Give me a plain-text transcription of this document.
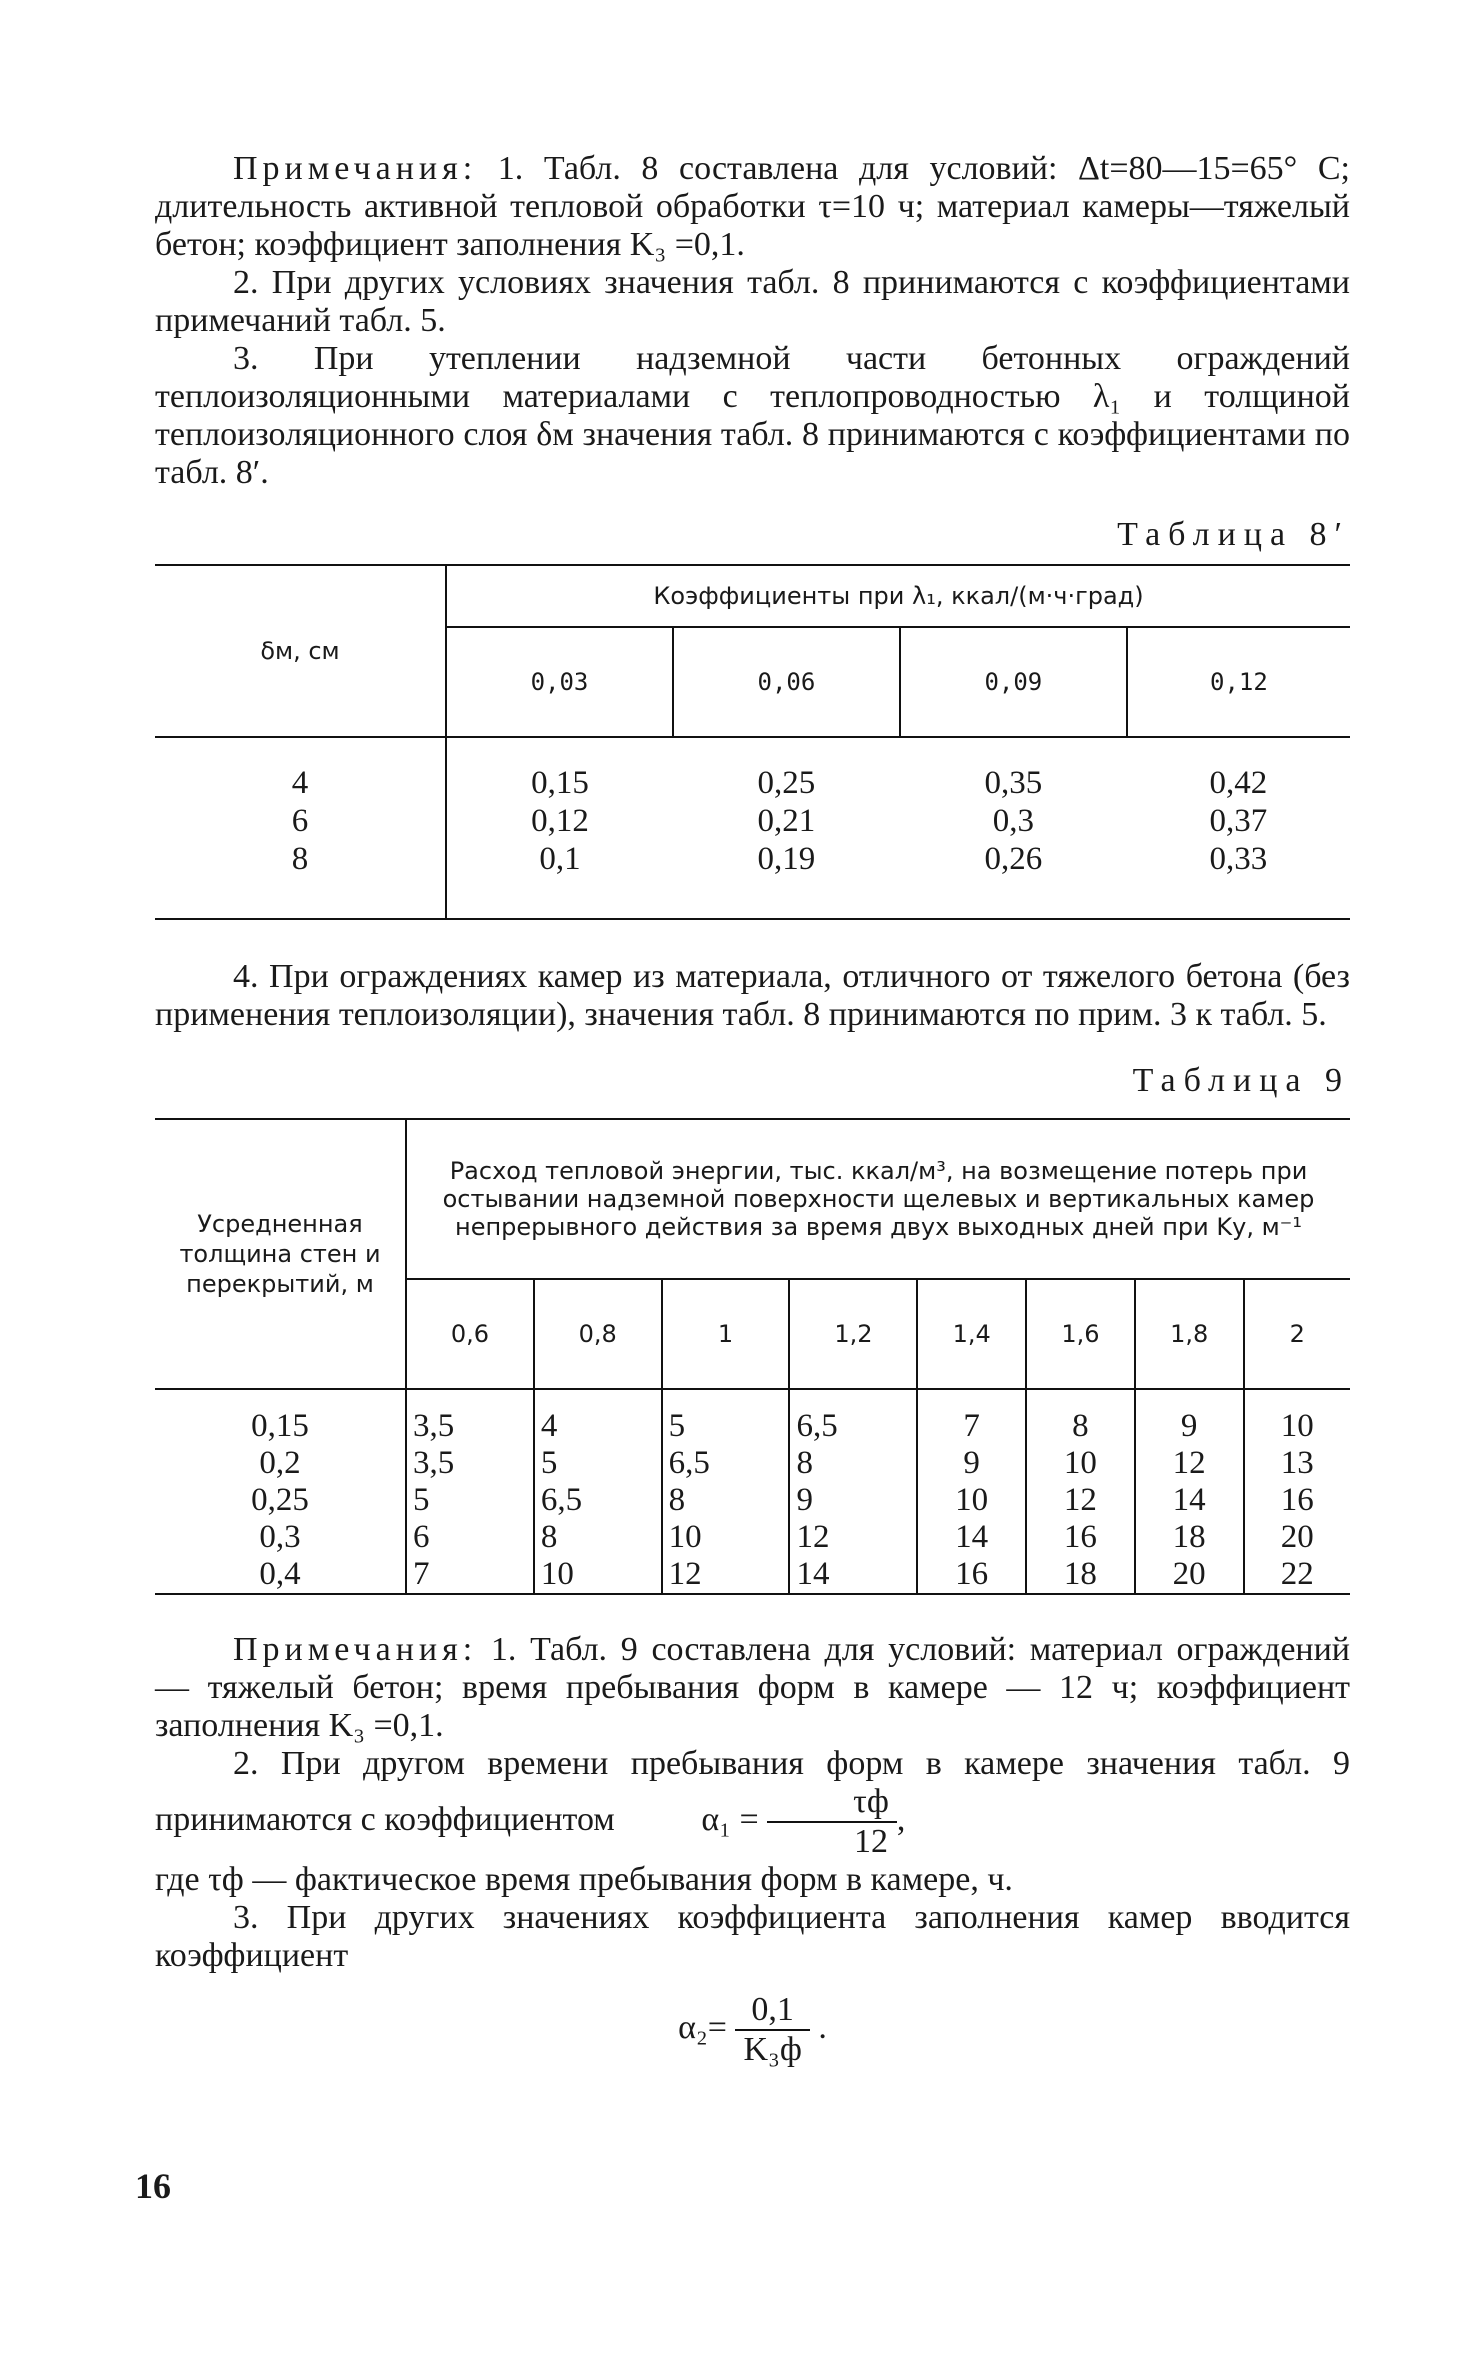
Примечания: 1. Табл. 8 составлена для условий: Δt=80—15=65° С; длительность активной тепловой обработки τ=10 ч; материал камеры—тяжелый бетон; коэффициент заполнения K₃ =0,1.

2. При других условиях значения табл. 8 принимаются с коэффициентами примечаний табл. 5.

3. При утеплении надземной части бетонных ограждений теплоизоляционными материалами с теплопроводностью λ₁ и толщиной теплоизоляционного слоя δм значения табл. 8 принимаются с коэффициентами по табл. 8′.

Таблица 8′

δм, см	Коэффициенты при λ₁, ккал/(м·ч·град)			
	0,03	0,06	0,09	0,12

4	0,15	0,25	0,35	0,42
6	0,12	0,21	0,3	0,37
8	0,1	0,19	0,26	0,33

4. При ограждениях камер из материала, отличного от тяжелого бетона (без применения теплоизоляции), значения табл. 8 принимаются по прим. 3 к табл. 5.

Таблица 9

Усредненная толщина стен и перекрытий, м	Расход тепловой энергии, тыс. ккал/м³, на возмещение потерь при остывании надземной поверхности щелевых и вертикальных камер непрерывного действия за время двух выходных дней при Kу, м⁻¹							
	0,6	0,8	1	1,2	1,4	1,6	1,8	2

0,15	3,5	4	5	6,5	7	8	9	10
0,2	3,5	5	6,5	8	9	10	12	13
0,25	5	6,5	8	9	10	12	14	16
0,3	6	8	10	12	14	16	18	20
0,4	7	10	12	14	16	18	20	22

Примечания: 1. Табл. 9 составлена для условий: материал ограждений — тяжелый бетон; время пребывания форм в камере — 12 ч; коэффициент заполнения K₃ =0,1.

2. При другом времени пребывания форм в камере значения табл. 9 принимаются с коэффициентом	$\alpha_1 = \frac{\tau ф}{12}$ ,

где τф — фактическое время пребывания форм в камере, ч.

3. При других значениях коэффициента заполнения камер вводится коэффициент

$\alpha_2= \frac{0,1}{\text{K₃ф}}$ .
16
